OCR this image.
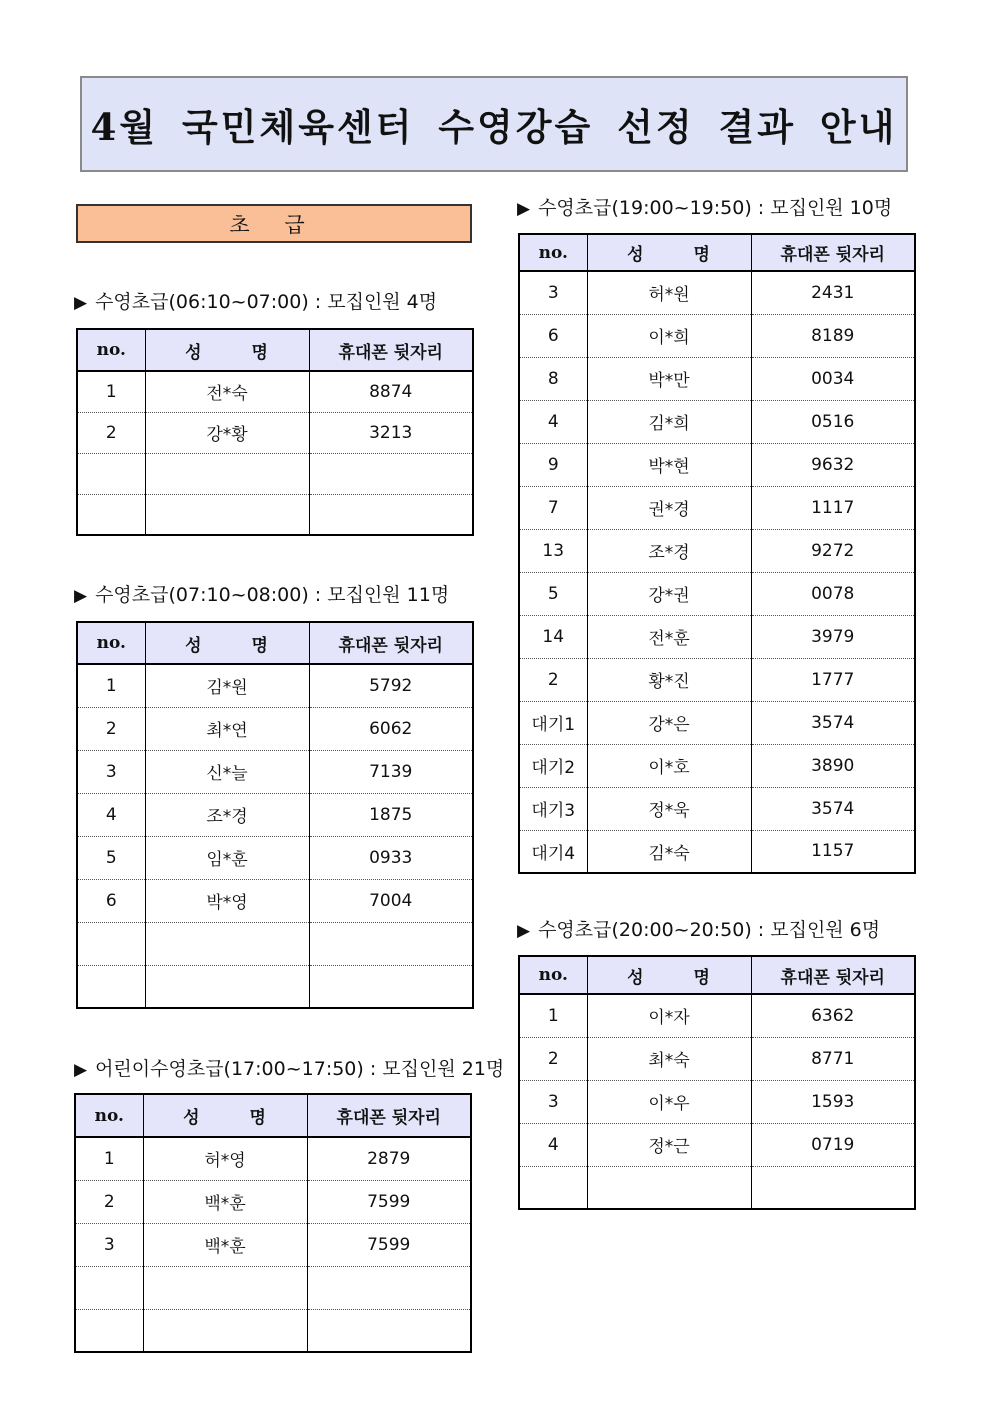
4월 국민체육센터 수영강습 선정 결과 안내
초 급
▶ 수영초급(06:10~07:00) : 모집인원 4명
no.	성 명	휴대폰 뒷자리
1	전*숙	8874
2	강*황	3213

▶ 수영초급(07:10~08:00) : 모집인원 11명
no.	성 명	휴대폰 뒷자리
1	김*원	5792
2	최*연	6062
3	신*늘	7139
4	조*경	1875
5	임*훈	0933
6	박*영	7004

▶ 어린이수영초급(17:00~17:50) : 모집인원 21명
no.	성 명	휴대폰 뒷자리
1	허*영	2879
2	백*훈	7599
3	백*훈	7599

▶ 수영초급(19:00~19:50) : 모집인원 10명
no.	성 명	휴대폰 뒷자리
3	허*원	2431
6	이*희	8189
8	박*만	0034
4	김*희	0516
9	박*현	9632
7	권*경	1117
13	조*경	9272
5	강*권	0078
14	전*훈	3979
2	황*진	1777
대기1	강*은	3574
대기2	이*호	3890
대기3	정*욱	3574
대기4	김*숙	1157
▶ 수영초급(20:00~20:50) : 모집인원 6명
no.	성 명	휴대폰 뒷자리
1	이*자	6362
2	최*숙	8771
3	이*우	1593
4	정*근	0719
